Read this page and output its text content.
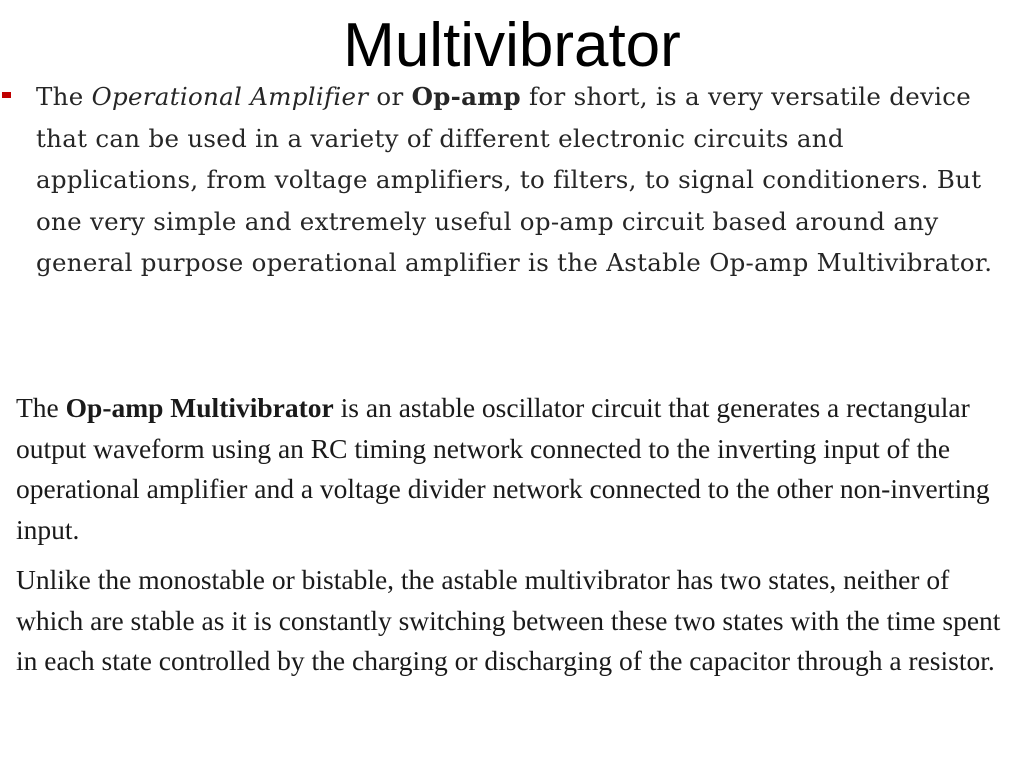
Multivibrator

The Operational Amplifier or Op-amp for short, is a very versatile device that can be used in a variety of different electronic circuits and applications, from voltage amplifiers, to filters, to signal conditioners. But one very simple and extremely useful op-amp circuit based around any general purpose operational amplifier is the Astable Op-amp Multivibrator.

The Op-amp Multivibrator is an astable oscillator circuit that generates a rectangular output waveform using an RC timing network connected to the inverting input of the operational amplifier and a voltage divider network connected to the other non-inverting input.

Unlike the monostable or bistable, the astable multivibrator has two states, neither of which are stable as it is constantly switching between these two states with the time spent in each state controlled by the charging or discharging of the capacitor through a resistor.
